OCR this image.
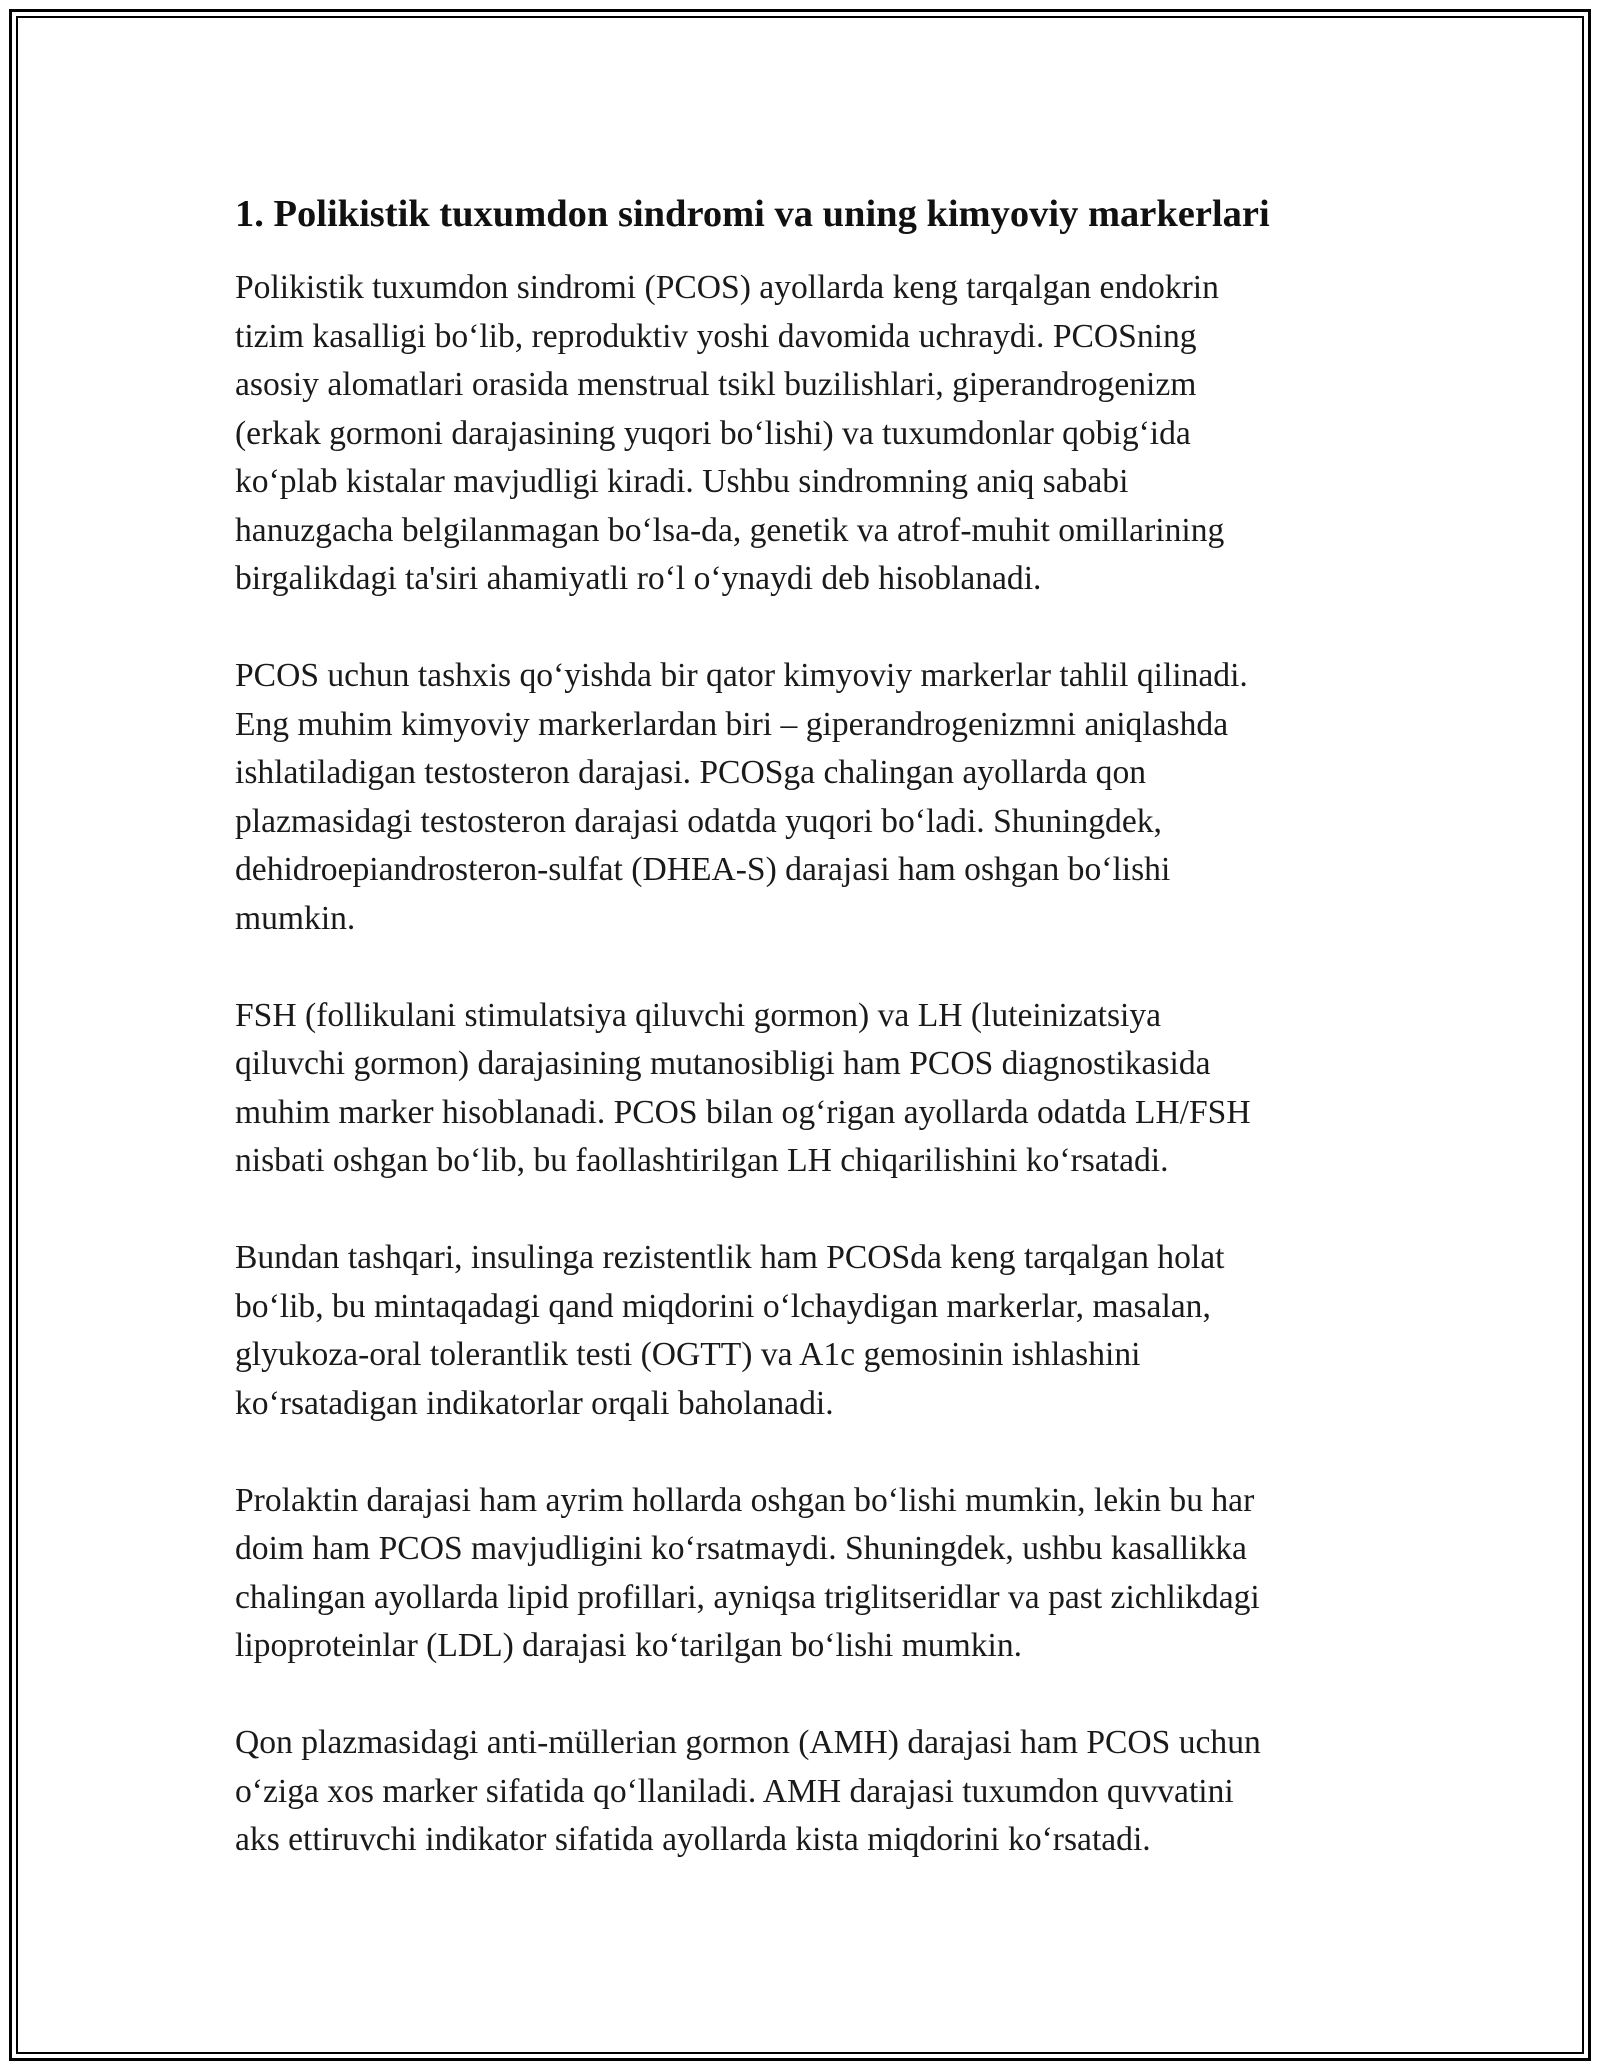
1. Polikistik tuxumdon sindromi va uning kimyoviy markerlari

Polikistik tuxumdon sindromi (PCOS) ayollarda keng tarqalgan endokrin
tizim kasalligi bo‘lib, reproduktiv yoshi davomida uchraydi. PCOSning
asosiy alomatlari orasida menstrual tsikl buzilishlari, giperandrogenizm
(erkak gormoni darajasining yuqori bo‘lishi) va tuxumdonlar qobig‘ida
ko‘plab kistalar mavjudligi kiradi. Ushbu sindromning aniq sababi
hanuzgacha belgilanmagan bo‘lsa-da, genetik va atrof-muhit omillarining
birgalikdagi ta'siri ahamiyatli ro‘l o‘ynaydi deb hisoblanadi.

PCOS uchun tashxis qo‘yishda bir qator kimyoviy markerlar tahlil qilinadi.
Eng muhim kimyoviy markerlardan biri – giperandrogenizmni aniqlashda
ishlatiladigan testosteron darajasi. PCOSga chalingan ayollarda qon
plazmasidagi testosteron darajasi odatda yuqori bo‘ladi. Shuningdek,
dehidroepiandrosteron-sulfat (DHEA-S) darajasi ham oshgan bo‘lishi
mumkin.

FSH (follikulani stimulatsiya qiluvchi gormon) va LH (luteinizatsiya
qiluvchi gormon) darajasining mutanosibligi ham PCOS diagnostikasida
muhim marker hisoblanadi. PCOS bilan og‘rigan ayollarda odatda LH/FSH
nisbati oshgan bo‘lib, bu faollashtirilgan LH chiqarilishini ko‘rsatadi.

Bundan tashqari, insulinga rezistentlik ham PCOSda keng tarqalgan holat
bo‘lib, bu mintaqadagi qand miqdorini o‘lchaydigan markerlar, masalan,
glyukoza-oral tolerantlik testi (OGTT) va A1c gemosinin ishlashini
ko‘rsatadigan indikatorlar orqali baholanadi.

Prolaktin darajasi ham ayrim hollarda oshgan bo‘lishi mumkin, lekin bu har
doim ham PCOS mavjudligini ko‘rsatmaydi. Shuningdek, ushbu kasallikka
chalingan ayollarda lipid profillari, ayniqsa triglitseridlar va past zichlikdagi
lipoproteinlar (LDL) darajasi ko‘tarilgan bo‘lishi mumkin.

Qon plazmasidagi anti-müllerian gormon (AMH) darajasi ham PCOS uchun
o‘ziga xos marker sifatida qo‘llaniladi. AMH darajasi tuxumdon quvvatini
aks ettiruvchi indikator sifatida ayollarda kista miqdorini ko‘rsatadi.
